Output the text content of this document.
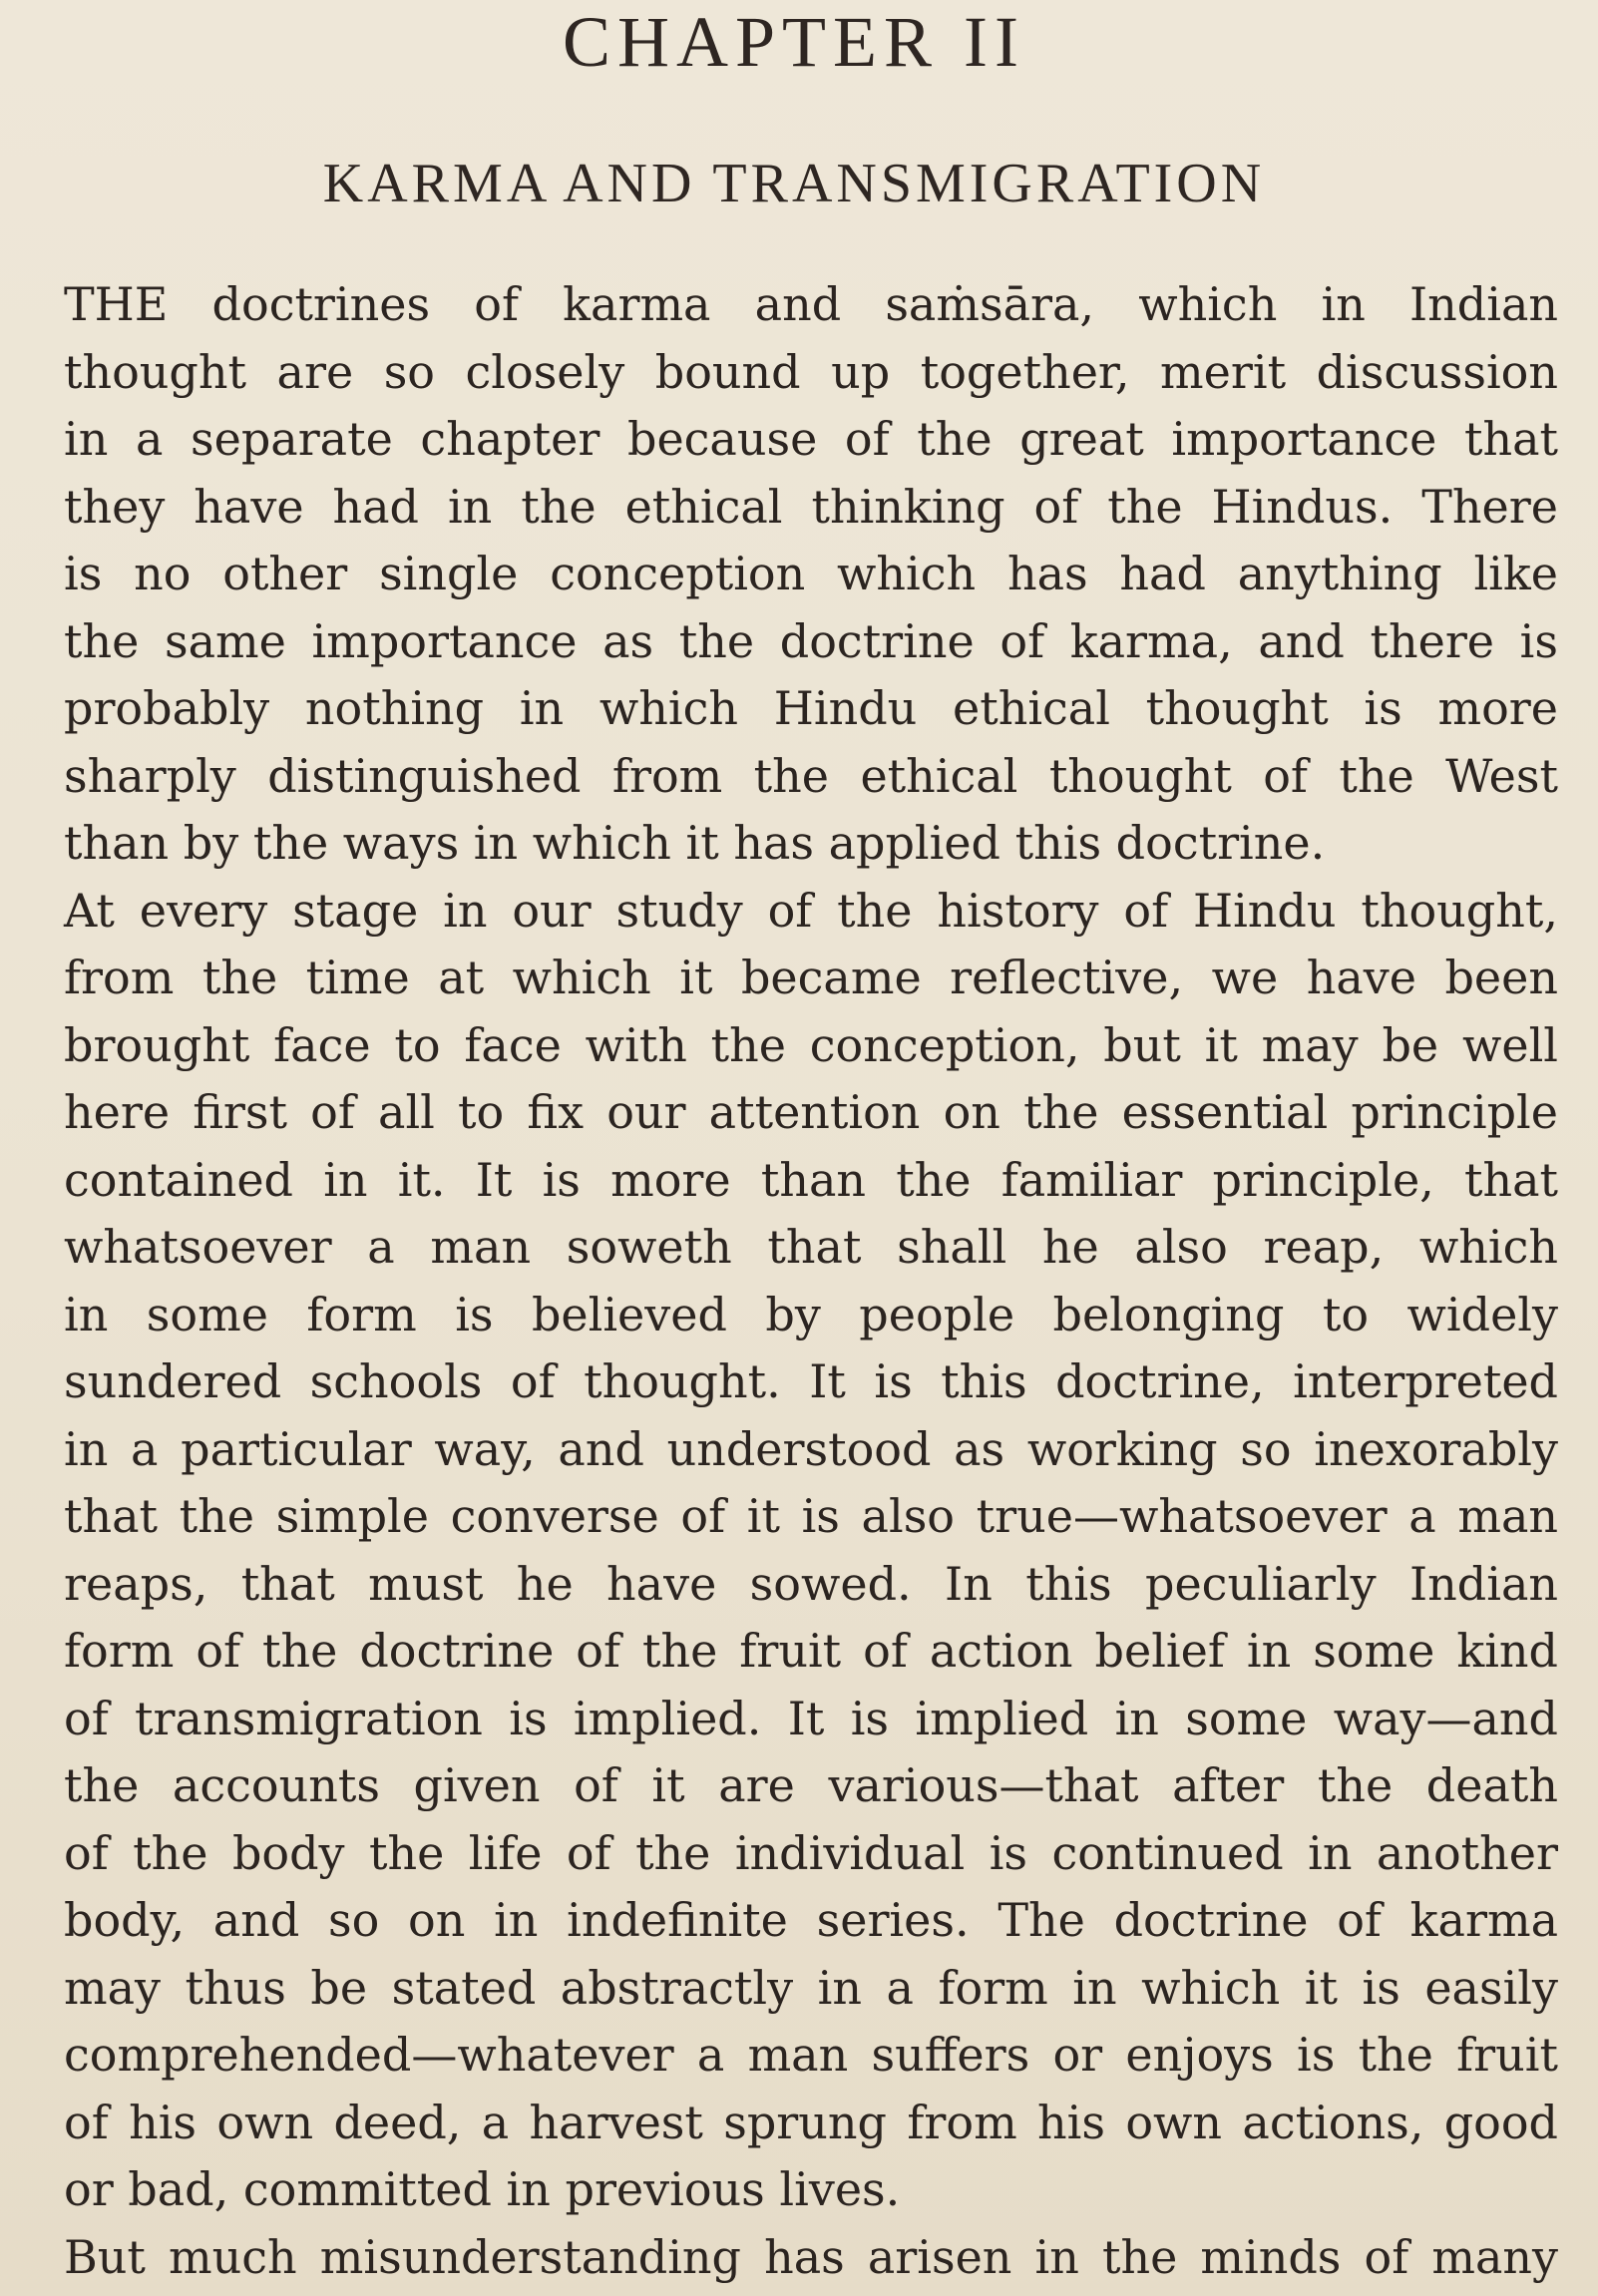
CHAPTER II
KARMA AND TRANSMIGRATION

THE doctrines of karma and saṁsāra, which in Indian
thought are so closely bound up together, merit discussion
in a separate chapter because of the great importance that
they have had in the ethical thinking of the Hindus. There
is no other single conception which has had anything like
the same importance as the doctrine of karma, and there is
probably nothing in which Hindu ethical thought is more
sharply distinguished from the ethical thought of the West
than by the ways in which it has applied this doctrine.

At every stage in our study of the history of Hindu thought,
from the time at which it became reflective, we have been
brought face to face with the conception, but it may be well
here first of all to fix our attention on the essential principle
contained in it. It is more than the familiar principle, that
whatsoever a man soweth that shall he also reap, which
in some form is believed by people belonging to widely
sundered schools of thought. It is this doctrine, interpreted
in a particular way, and understood as working so inexorably
that the simple converse of it is also true—whatsoever a man
reaps, that must he have sowed. In this peculiarly Indian
form of the doctrine of the fruit of action belief in some kind
of transmigration is implied. It is implied in some way—and
the accounts given of it are various—that after the death
of the body the life of the individual is continued in another
body, and so on in indefinite series. The doctrine of karma
may thus be stated abstractly in a form in which it is easily
comprehended—whatever a man suffers or enjoys is the fruit
of his own deed, a harvest sprung from his own actions, good
or bad, committed in previous lives.

But much misunderstanding has arisen in the minds of many
